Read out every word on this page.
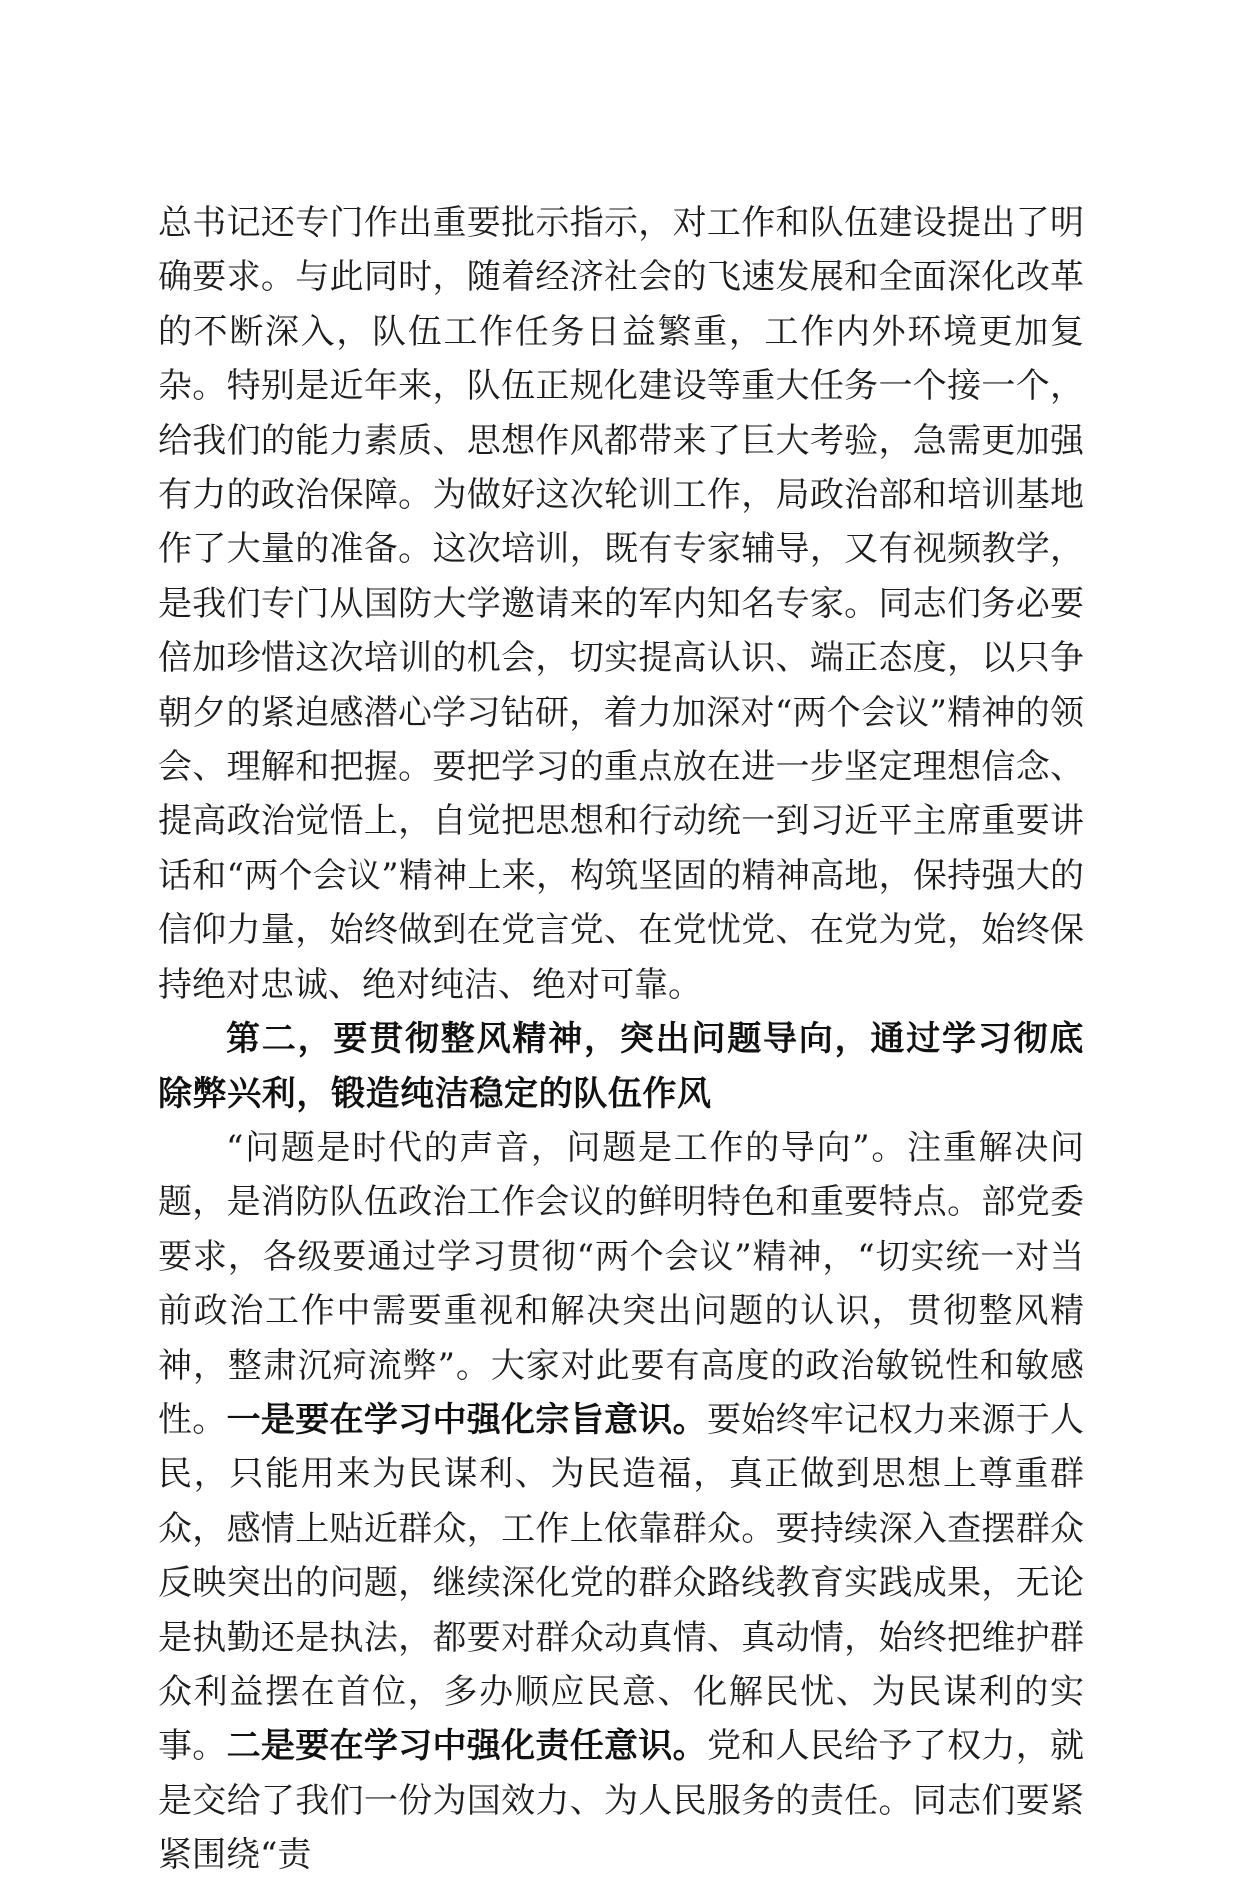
总书记还专门作出重要批示指示，对工作和队伍建设提出了明确要求。与此同时，随着经济社会的飞速发展和全面深化改革的不断深入，队伍工作任务日益繁重，工作内外环境更加复杂。特别是近年来，队伍正规化建设等重大任务一个接一个，给我们的能力素质、思想作风都带来了巨大考验，急需更加强有力的政治保障。为做好这次轮训工作，局政治部和培训基地作了大量的准备。这次培训，既有专家辅导，又有视频教学，是我们专门从国防大学邀请来的军内知名专家。同志们务必要倍加珍惜这次培训的机会，切实提高认识、端正态度，以只争朝夕的紧迫感潜心学习钻研，着力加深对“两个会议”精神的领会、理解和把握。要把学习的重点放在进一步坚定理想信念、提高政治觉悟上，自觉把思想和行动统一到习近平主席重要讲话和“两个会议”精神上来，构筑坚固的精神高地，保持强大的信仰力量，始终做到在党言党、在党忧党、在党为党，始终保持绝对忠诚、绝对纯洁、绝对可靠。

第二，要贯彻整风精神，突出问题导向，通过学习彻底除弊兴利，锻造纯洁稳定的队伍作风

“问题是时代的声音，问题是工作的导向”。注重解决问题，是消防队伍政治工作会议的鲜明特色和重要特点。部党委要求，各级要通过学习贯彻“两个会议”精神，“切实统一对当前政治工作中需要重视和解决突出问题的认识，贯彻整风精神，整肃沉疴流弊”。大家对此要有高度的政治敏锐性和敏感性。一是要在学习中强化宗旨意识。要始终牢记权力来源于人民，只能用来为民谋利、为民造福，真正做到思想上尊重群众，感情上贴近群众，工作上依靠群众。要持续深入查摆群众反映突出的问题，继续深化党的群众路线教育实践成果，无论是执勤还是执法，都要对群众动真情、真动情，始终把维护群众利益摆在首位，多办顺应民意、化解民忧、为民谋利的实事。二是要在学习中强化责任意识。党和人民给予了权力，就是交给了我们一份为国效力、为人民服务的责任。同志们要紧紧围绕“责
